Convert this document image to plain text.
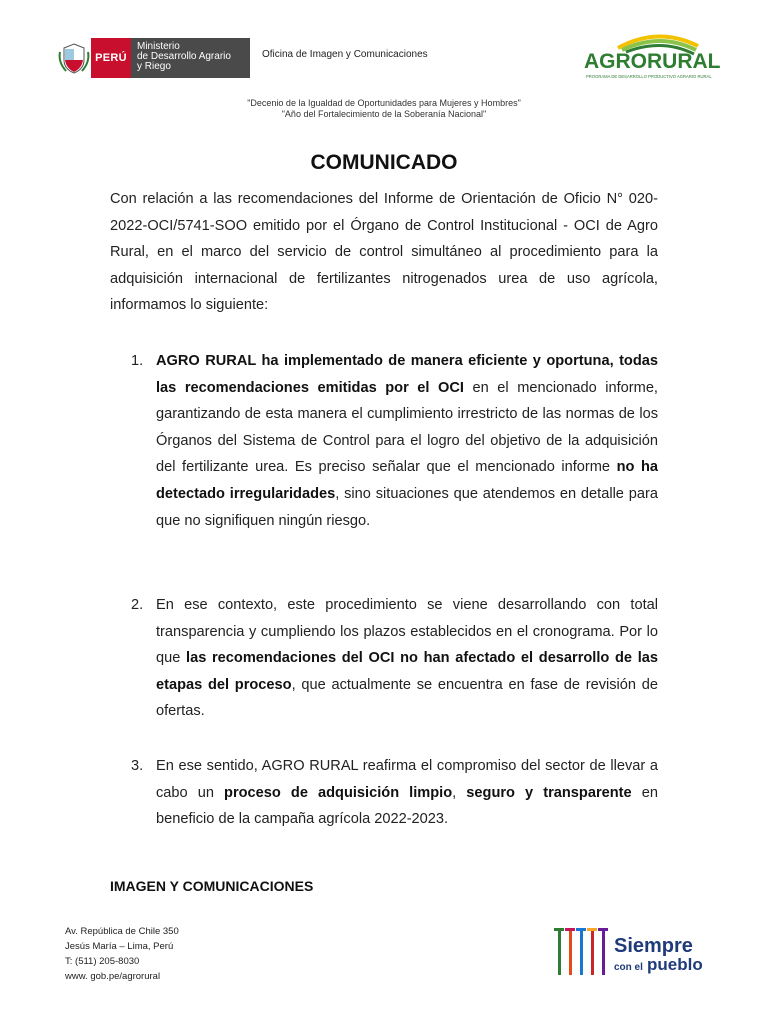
PERÚ
Ministerio
de Desarrollo Agrario
y Riego
Oficina de Imagen y Comunicaciones	AGRORURAL
PROGRAMA DE DESARROLLO PRODUCTIVO AGRARIO RURAL
"Decenio de la Igualdad de Oportunidades para Mujeres y Hombres"
"Año del Fortalecimiento de la Soberanía Nacional"
COMUNICADO
Con relación a las recomendaciones del Informe de Orientación de Oficio N° 020-2022-OCI/5741-SOO emitido por el Órgano de Control Institucional - OCI de Agro Rural, en el marco del servicio de control simultáneo al procedimiento para la adquisición internacional de fertilizantes nitrogenados urea de uso agrícola, informamos lo siguiente:
1. AGRO RURAL ha implementado de manera eficiente y oportuna, todas las recomendaciones emitidas por el OCI en el mencionado informe, garantizando de esta manera el cumplimiento irrestricto de las normas de los Órganos del Sistema de Control para el logro del objetivo de la adquisición del fertilizante urea. Es preciso señalar que el mencionado informe no ha detectado irregularidades, sino situaciones que atendemos en detalle para que no signifiquen ningún riesgo.
2. En ese contexto, este procedimiento se viene desarrollando con total transparencia y cumpliendo los plazos establecidos en el cronograma. Por lo que las recomendaciones del OCI no han afectado el desarrollo de las etapas del proceso, que actualmente se encuentra en fase de revisión de ofertas.
3. En ese sentido, AGRO RURAL reafirma el compromiso del sector de llevar a cabo un proceso de adquisición limpio, seguro y transparente en beneficio de la campaña agrícola 2022-2023.
IMAGEN Y COMUNICACIONES
Av. República de Chile 350
Jesús María – Lima, Perú
T: (511) 205-8030
www. gob.pe/agrorural
Siempre
con el pueblo
